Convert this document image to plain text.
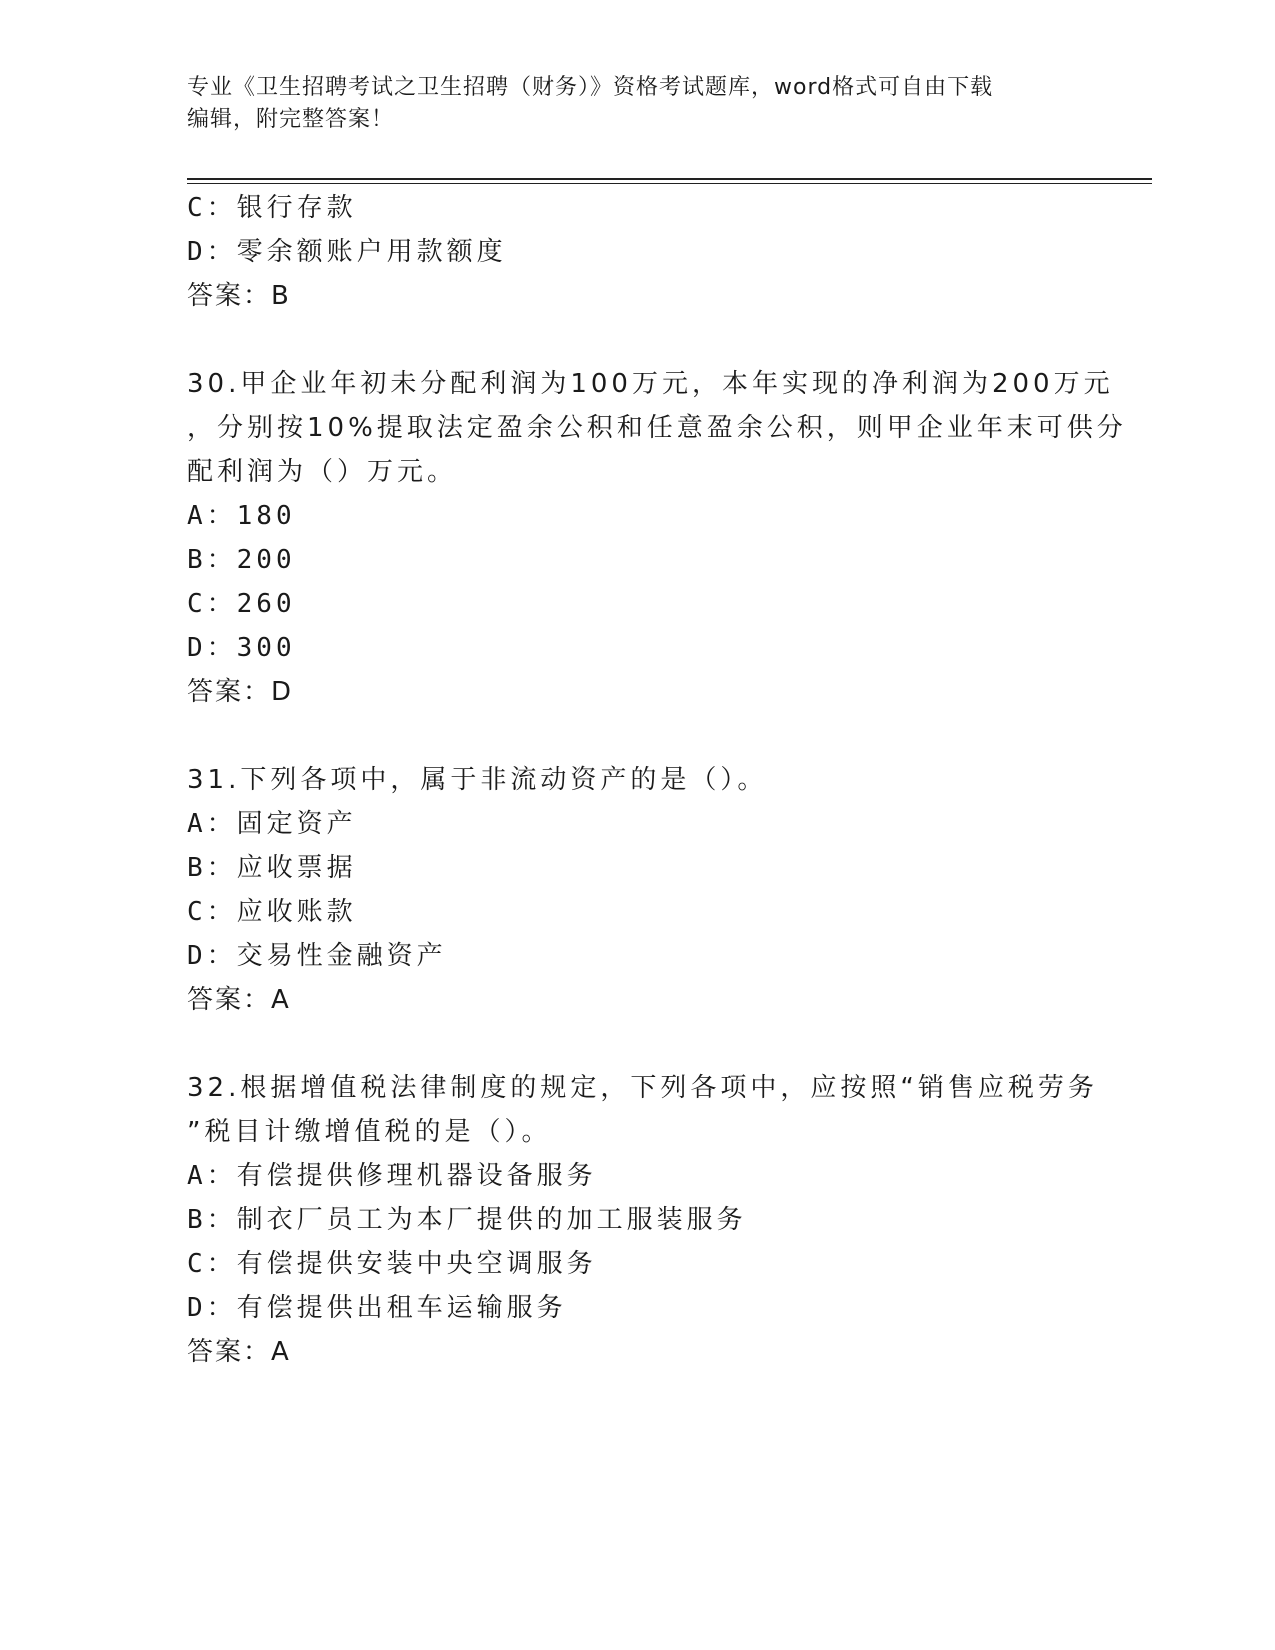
专业《卫生招聘考试之卫生招聘（财务）》资格考试题库，word格式可自由下载
编辑，附完整答案！
C：银行存款
D：零余额账户用款额度
答案：B
30.甲企业年初未分配利润为100万元，本年实现的净利润为200万元
，分别按10%提取法定盈余公积和任意盈余公积，则甲企业年末可供分
配利润为（）万元。
A：180
B：200
C：260
D：300
答案：D
31.下列各项中，属于非流动资产的是（）。
A：固定资产
B：应收票据
C：应收账款
D：交易性金融资产
答案：A
32.根据增值税法律制度的规定，下列各项中，应按照“销售应税劳务
”税目计缴增值税的是（）。
A：有偿提供修理机器设备服务
B：制衣厂员工为本厂提供的加工服装服务
C：有偿提供安装中央空调服务
D：有偿提供出租车运输服务
答案：A
